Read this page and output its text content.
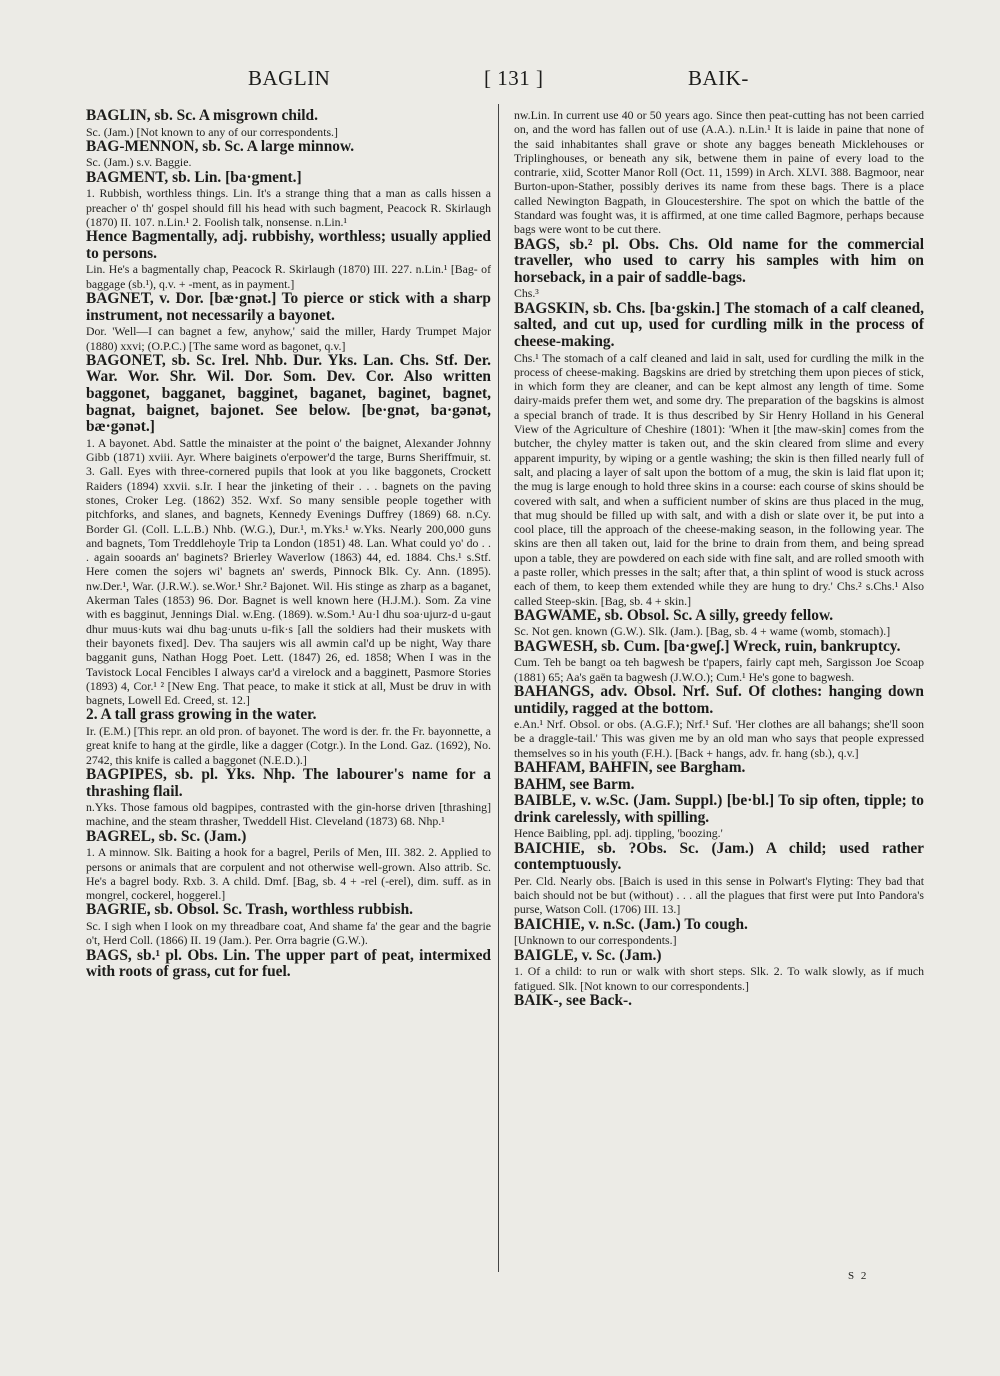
BAGLIN	[ 131 ]	BAIK-
BAGLIN, sb. Sc. A misgrown child.
Sc. (Jam.) [Not known to any of our correspondents.]
BAG-MENNON, sb. Sc. A large minnow.
Sc. (Jam.) s.v. Baggie.
BAGMENT, sb. Lin. [ba·gment.]
1. Rubbish, worthless things. Lin. It's a strange thing that a man as calls hissen a preacher o' th' gospel should fill his head with such bagment, Peacock R. Skirlaugh (1870) II. 107. n.Lin.¹ 2. Foolish talk, nonsense. n.Lin.¹
Hence Bagmentally, adj. rubbishy, worthless; usually applied to persons.
Lin. He's a bagmentally chap, Peacock R. Skirlaugh (1870) III. 227. n.Lin.¹ [Bag- of baggage (sb.¹), q.v. + -ment, as in payment.]
BAGNET, v. Dor. [bæ·gnət.] To pierce or stick with a sharp instrument, not necessarily a bayonet.
Dor. 'Well—I can bagnet a few, anyhow,' said the miller, Hardy Trumpet Major (1880) xxvi; (O.P.C.) [The same word as bagonet, q.v.]
BAGONET, sb. Sc. Irel. Nhb. Dur. Yks. Lan. Chs. Stf. Der. War. Wor. Shr. Wil. Dor. Som. Dev. Cor. Also written baggonet, bagganet, bagginet, baganet, baginet, bagnet, bagnat, baignet, bajonet. See below. [be·gnət, ba·gənət, bæ·gənət.]
1. A bayonet. Abd. Sattle the minaister at the point o' the baignet, Alexander Johnny Gibb (1871) xviii. Ayr. Where baiginets o'erpower'd the targe, Burns Sheriffmuir, st. 3. Gall. Eyes with three-cornered pupils that look at you like baggonets, Crockett Raiders (1894) xxvii. s.Ir. I hear the jinketing of their . . . bagnets on the paving stones, Croker Leg. (1862) 352. Wxf. So many sensible people together with pitchforks, and slanes, and bagnets, Kennedy Evenings Duffrey (1869) 68. n.Cy. Border Gl. (Coll. L.L.B.) Nhb. (W.G.), Dur.¹, m.Yks.¹ w.Yks. Nearly 200,000 guns and bagnets, Tom Treddlehoyle Trip ta London (1851) 48. Lan. What could yo' do . . . again sooards an' baginets? Brierley Waverlow (1863) 44, ed. 1884. Chs.¹ s.Stf. Here comen the sojers wi' bagnets an' swerds, Pinnock Blk. Cy. Ann. (1895). nw.Der.¹, War. (J.R.W.). se.Wor.¹ Shr.² Bajonet. Wil. His stinge as zharp as a baganet, Akerman Tales (1853) 96. Dor. Bagnet is well known here (H.J.M.). Som. Za vine with es bagginut, Jennings Dial. w.Eng. (1869). w.Som.¹ Au·l dhu soa·ujurz-d u-gaut dhur muus·kuts wai dhu bag·unuts u-fik·s [all the soldiers had their muskets with their bayonets fixed]. Dev. Tha saujers wis all awmin cal'd up be night, Way thare bagganit guns, Nathan Hogg Poet. Lett. (1847) 26, ed. 1858; When I was in the Tavistock Local Fencibles I always car'd a virelock and a bagginett, Pasmore Stories (1893) 4, Cor.¹ ² [New Eng. That peace, to make it stick at all, Must be druv in with bagnets, Lowell Ed. Creed, st. 12.]
2. A tall grass growing in the water.
Ir. (E.M.) [This repr. an old pron. of bayonet. The word is der. fr. the Fr. bayonnette, a great knife to hang at the girdle, like a dagger (Cotgr.). In the Lond. Gaz. (1692), No. 2742, this knife is called a baggonet (N.E.D.).]
BAGPIPES, sb. pl. Yks. Nhp. The labourer's name for a thrashing flail.
n.Yks. Those famous old bagpipes, contrasted with the gin-horse driven [thrashing] machine, and the steam thrasher, Tweddell Hist. Cleveland (1873) 68. Nhp.¹
BAGREL, sb. Sc. (Jam.)
1. A minnow. Slk. Baiting a hook for a bagrel, Perils of Men, III. 382. 2. Applied to persons or animals that are corpulent and not otherwise well-grown. Also attrib. Sc. He's a bagrel body. Rxb. 3. A child. Dmf. [Bag, sb. 4 + -rel (-erel), dim. suff. as in mongrel, cockerel, hoggerel.]
BAGRIE, sb. Obsol. Sc. Trash, worthless rubbish.
Sc. I sigh when I look on my threadbare coat, And shame fa' the gear and the bagrie o't, Herd Coll. (1866) II. 19 (Jam.). Per. Orra bagrie (G.W.).
BAGS, sb.¹ pl. Obs. Lin. The upper part of peat, intermixed with roots of grass, cut for fuel.
nw.Lin. In current use 40 or 50 years ago. Since then peat-cutting has not been carried on, and the word has fallen out of use (A.A.). n.Lin.¹ It is laide in paine that none of the said inhabitantes shall grave or shote any bagges beneath Micklehouses or Triplinghouses, or beneath any sik, betwene them in paine of every load to the contrarie, xiid, Scotter Manor Roll (Oct. 11, 1599) in Arch. XLVI. 388. Bagmoor, near Burton-upon-Stather, possibly derives its name from these bags. There is a place called Newington Bagpath, in Gloucestershire. The spot on which the battle of the Standard was fought was, it is affirmed, at one time called Bagmore, perhaps because bags were wont to be cut there.
BAGS, sb.² pl. Obs. Chs. Old name for the commercial traveller, who used to carry his samples with him on horseback, in a pair of saddle-bags.
Chs.³
BAGSKIN, sb. Chs. [ba·gskin.] The stomach of a calf cleaned, salted, and cut up, used for curdling milk in the process of cheese-making.
Chs.¹ The stomach of a calf cleaned and laid in salt, used for curdling the milk in the process of cheese-making. Bagskins are dried by stretching them upon pieces of stick, in which form they are cleaner, and can be kept almost any length of time. Some dairy-maids prefer them wet, and some dry. The preparation of the bagskins is almost a special branch of trade. It is thus described by Sir Henry Holland in his General View of the Agriculture of Cheshire (1801): 'When it [the maw-skin] comes from the butcher, the chyley matter is taken out, and the skin cleared from slime and every apparent impurity, by wiping or a gentle washing; the skin is then filled nearly full of salt, and placing a layer of salt upon the bottom of a mug, the skin is laid flat upon it; the mug is large enough to hold three skins in a course: each course of skins should be covered with salt, and when a sufficient number of skins are thus placed in the mug, that mug should be filled up with salt, and with a dish or slate over it, be put into a cool place, till the approach of the cheese-making season, in the following year. The skins are then all taken out, laid for the brine to drain from them, and being spread upon a table, they are powdered on each side with fine salt, and are rolled smooth with a paste roller, which presses in the salt; after that, a thin splint of wood is stuck across each of them, to keep them extended while they are hung to dry.' Chs.² s.Chs.¹ Also called Steep-skin. [Bag, sb. 4 + skin.]
BAGWAME, sb. Obsol. Sc. A silly, greedy fellow.
Sc. Not gen. known (G.W.). Slk. (Jam.). [Bag, sb. 4 + wame (womb, stomach).]
BAGWESH, sb. Cum. [ba·gweʃ.] Wreck, ruin, bankruptcy.
Cum. Teh be bangt oa teh bagwesh be t'papers, fairly capt meh, Sargisson Joe Scoap (1881) 65; Aa's gaën ta bagwesh (J.W.O.); Cum.¹ He's gone to bagwesh.
BAHANGS, adv. Obsol. Nrf. Suf. Of clothes: hanging down untidily, ragged at the bottom.
e.An.¹ Nrf. Obsol. or obs. (A.G.F.); Nrf.¹ Suf. 'Her clothes are all bahangs; she'll soon be a draggle-tail.' This was given me by an old man who says that people expressed themselves so in his youth (F.H.). [Back + hangs, adv. fr. hang (sb.), q.v.]
BAHFAM, BAHFIN, see Bargham.
BAHM, see Barm.
BAIBLE, v. w.Sc. (Jam. Suppl.) [be·bl.] To sip often, tipple; to drink carelessly, with spilling.
Hence Baibling, ppl. adj. tippling, 'boozing.'
BAICHIE, sb. ?Obs. Sc. (Jam.) A child; used rather contemptuously.
Per. Cld. Nearly obs. [Baich is used in this sense in Polwart's Flyting: They bad that baich should not be but (without) . . . all the plagues that first were put Into Pandora's purse, Watson Coll. (1706) III. 13.]
BAICHIE, v. n.Sc. (Jam.) To cough.
[Unknown to our correspondents.]
BAIGLE, v. Sc. (Jam.)
1. Of a child: to run or walk with short steps. Slk. 2. To walk slowly, as if much fatigued. Slk. [Not known to our correspondents.]
BAIK-, see Back-.
S 2
